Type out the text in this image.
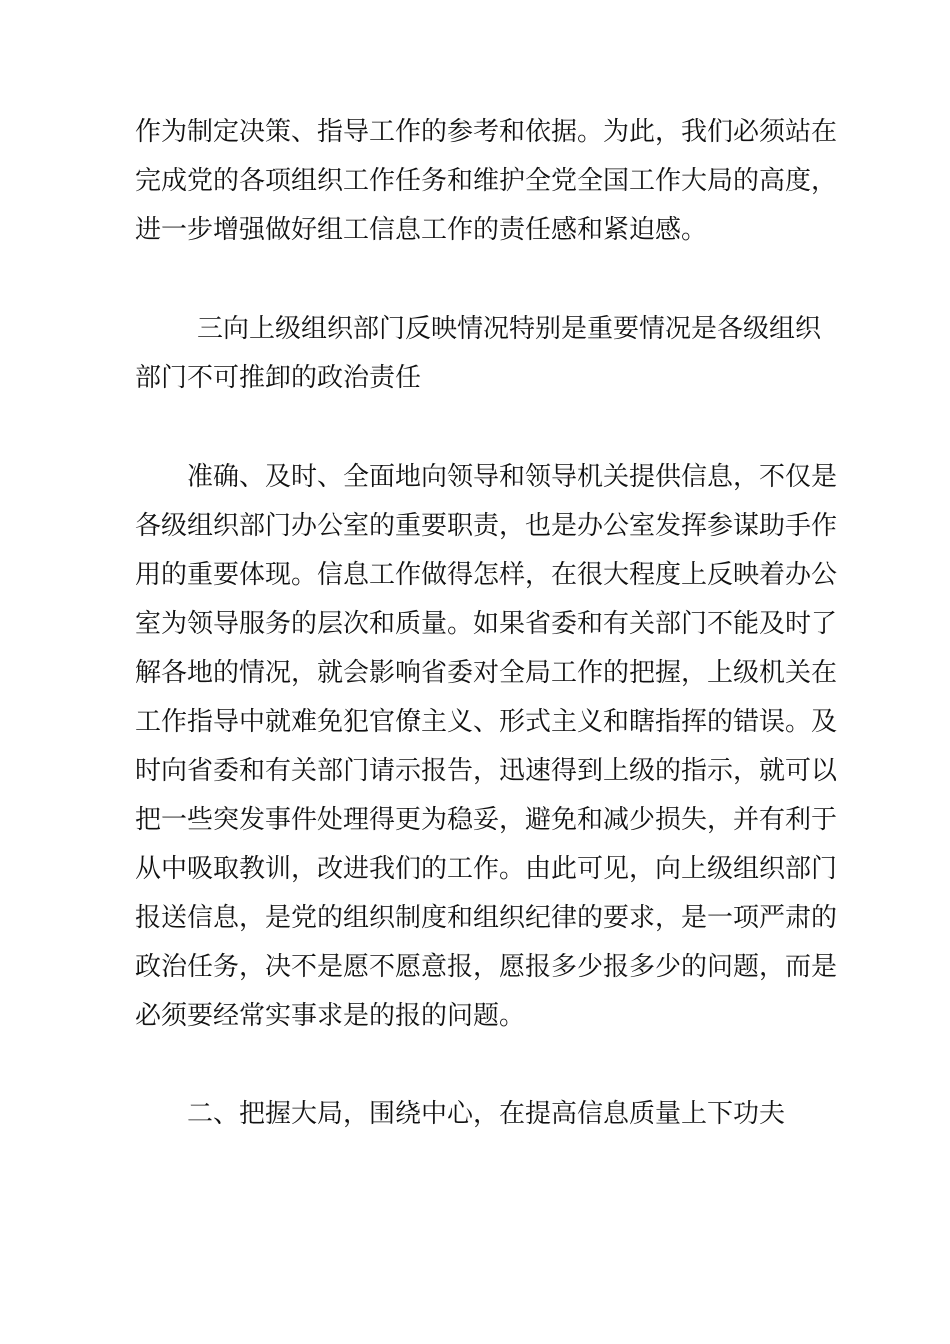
作为制定决策、指导工作的参考和依据。为此，我们必须站在
完成党的各项组织工作任务和维护全党全国工作大局的高度，
进一步增强做好组工信息工作的责任感和紧迫感。
三向上级组织部门反映情况特别是重要情况是各级组织
部门不可推卸的政治责任
准确、及时、全面地向领导和领导机关提供信息，不仅是
各级组织部门办公室的重要职责，也是办公室发挥参谋助手作
用的重要体现。信息工作做得怎样，在很大程度上反映着办公
室为领导服务的层次和质量。如果省委和有关部门不能及时了
解各地的情况，就会影响省委对全局工作的把握，上级机关在
工作指导中就难免犯官僚主义、形式主义和瞎指挥的错误。及
时向省委和有关部门请示报告，迅速得到上级的指示，就可以
把一些突发事件处理得更为稳妥，避免和减少损失，并有利于
从中吸取教训，改进我们的工作。由此可见，向上级组织部门
报送信息，是党的组织制度和组织纪律的要求，是一项严肃的
政治任务，决不是愿不愿意报，愿报多少报多少的问题，而是
必须要经常实事求是的报的问题。
二、把握大局，围绕中心，在提高信息质量上下功夫
